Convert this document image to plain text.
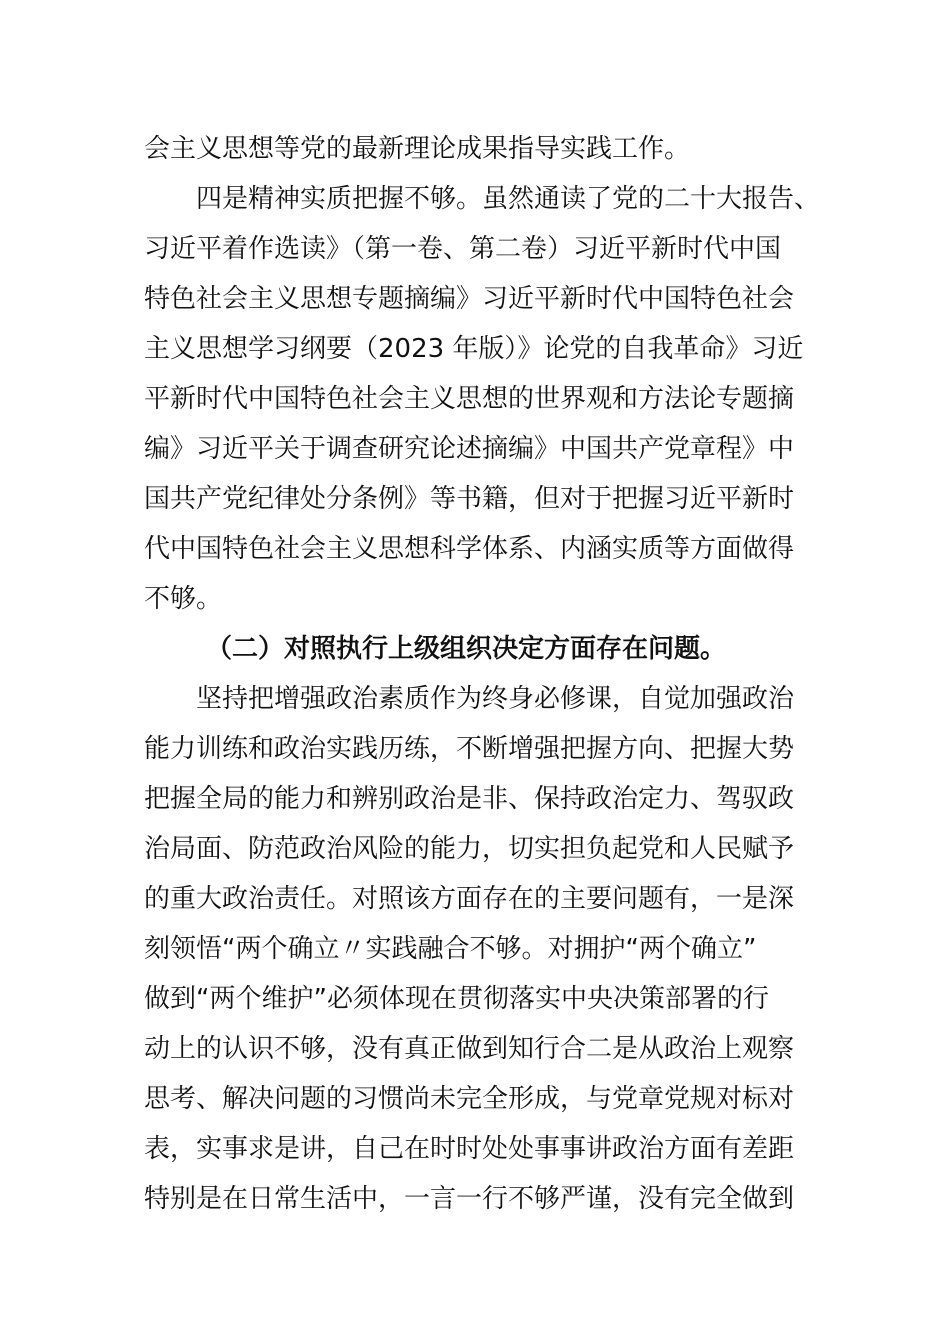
会主义思想等党的最新理论成果指导实践工作。
四是精神实质把握不够。虽然通读了党的二十大报告、
习近平着作选读》（第一卷、第二卷）习近平新时代中国
特色社会主义思想专题摘编》习近平新时代中国特色社会
主义思想学习纲要（2023 年版）》论党的自我革命》习近
平新时代中国特色社会主义思想的世界观和方法论专题摘
编》习近平关于调查研究论述摘编》中国共产党章程》中
国共产党纪律处分条例》等书籍，但对于把握习近平新时
代中国特色社会主义思想科学体系、内涵实质等方面做得
不够。
（二）对照执行上级组织决定方面存在问题。
坚持把增强政治素质作为终身必修课，自觉加强政治
能力训练和政治实践历练，不断增强把握方向、把握大势
把握全局的能力和辨别政治是非、保持政治定力、驾驭政
治局面、防范政治风险的能力，切实担负起党和人民赋予
的重大政治责任。对照该方面存在的主要问题有，一是深
刻领悟“两个确立〃实践融合不够。对拥护“两个确立”
做到“两个维护”必须体现在贯彻落实中央决策部署的行
动上的认识不够，没有真正做到知行合二是从政治上观察
思考、解决问题的习惯尚未完全形成，与党章党规对标对
表，实事求是讲，自己在时时处处事事讲政治方面有差距
特别是在日常生活中，一言一行不够严谨，没有完全做到
